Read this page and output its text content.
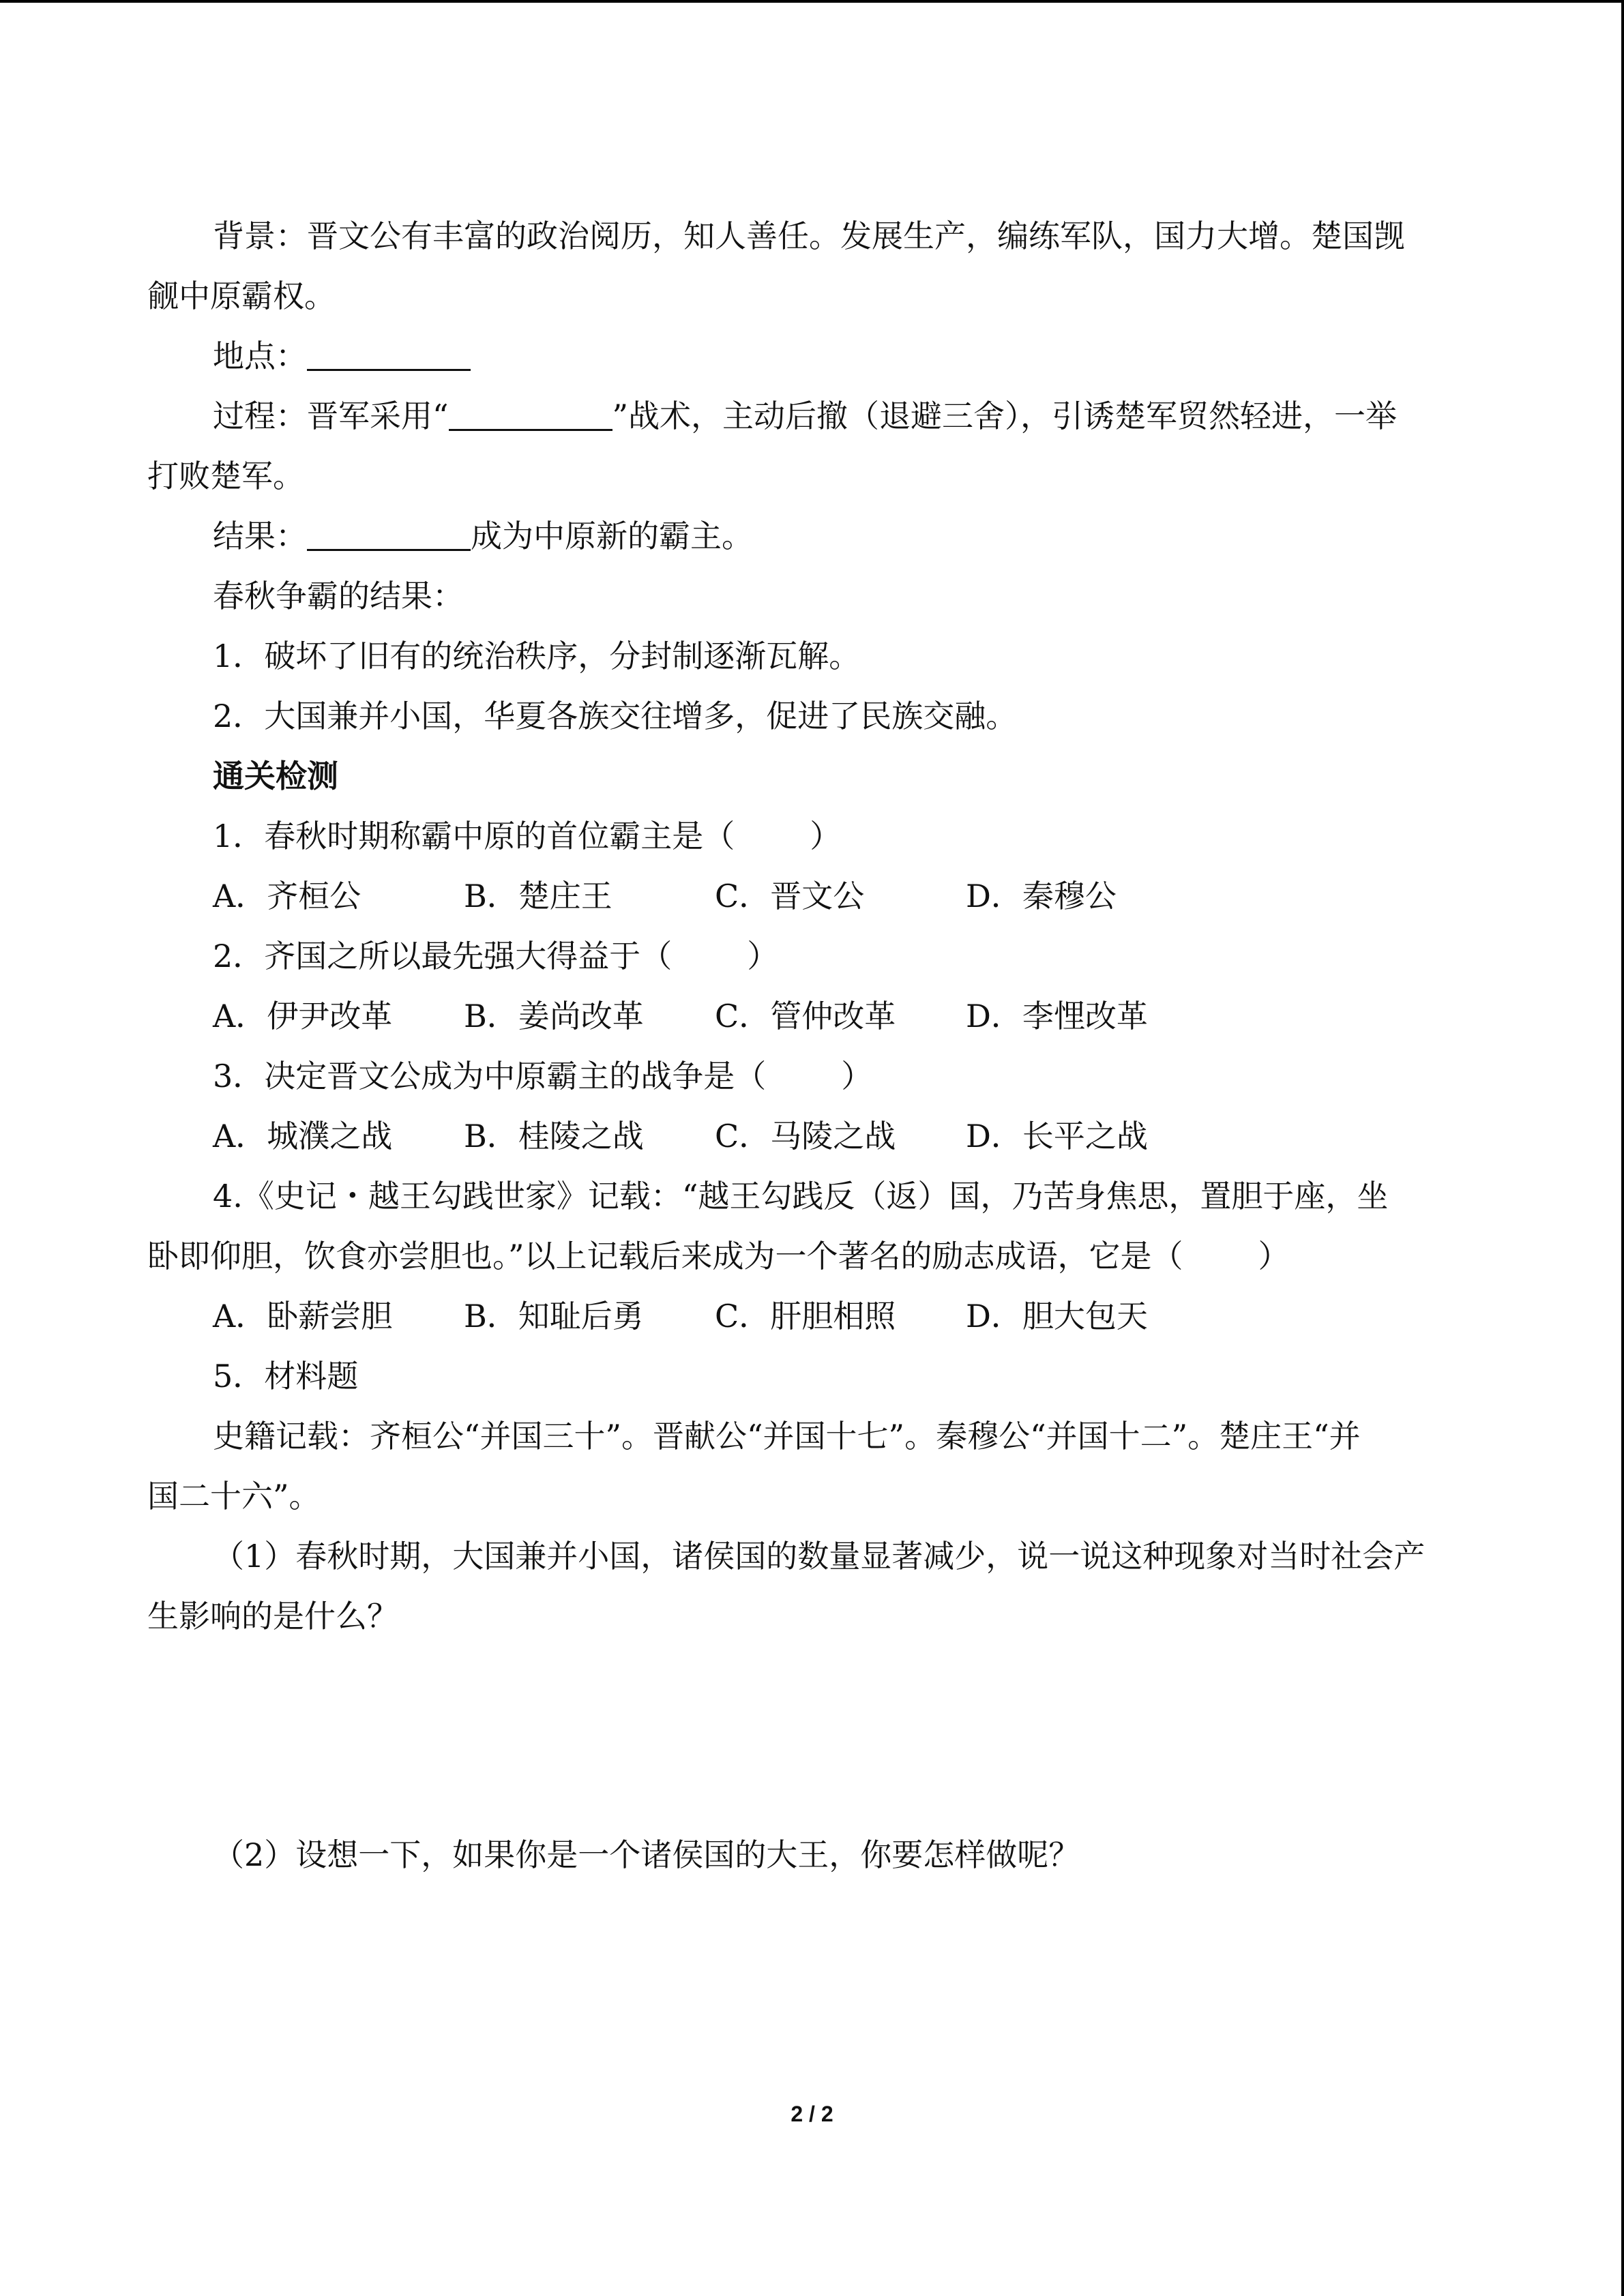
背景：晋文公有丰富的政治阅历，知人善任。发展生产，编练军队，国力大增。楚国觊
觎中原霸权。
地点：
过程：晋军采用“	”战术，主动后撤（退避三舍），引诱楚军贸然轻进，一举
打败楚军。
结果：	成为中原新的霸主。
春秋争霸的结果：
1．破坏了旧有的统治秩序，分封制逐渐瓦解。
2．大国兼并小国，华夏各族交往增多，促进了民族交融。
通关检测
1．春秋时期称霸中原的首位霸主是（ ）
A．齐桓公	B．楚庄王	C．晋文公	D．秦穆公
2．齐国之所以最先强大得益于（ ）
A．伊尹改革 B．姜尚改革 C．管仲改革 D．李悝改革
3．决定晋文公成为中原霸主的战争是（ ）
A．城濮之战 B．桂陵之战 C．马陵之战 D．长平之战
4.《史记・越王勾践世家》记载：“越王勾践反（返）国，乃苦身焦思，置胆于座，坐
卧即仰胆，饮食亦尝胆也。”以上记载后来成为一个著名的励志成语，它是（ ）
A．卧薪尝胆 B．知耻后勇 C．肝胆相照 D．胆大包天
5．材料题
史籍记载：齐桓公“并国三十”。晋献公“并国十七”。秦穆公“并国十二”。楚庄王“并
国二十六”。
（1）春秋时期，大国兼并小国，诸侯国的数量显著减少，说一说这种现象对当时社会产
生影响的是什么？
（2）设想一下，如果你是一个诸侯国的大王，你要怎样做呢？
2 / 2
